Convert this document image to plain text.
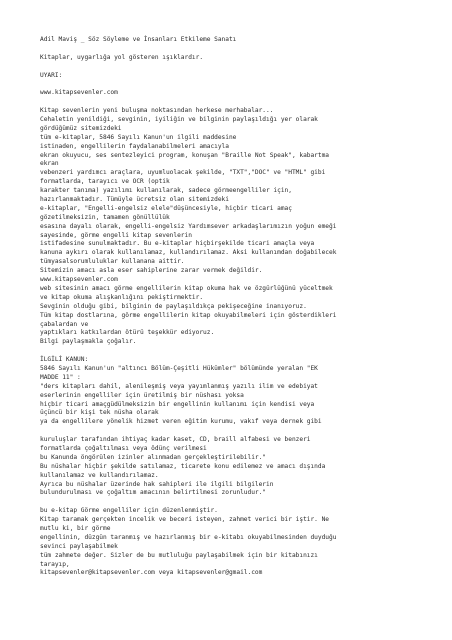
Adil Maviş _ Söz Söyleme ve İnsanları Etkileme Sanatı

Kitaplar, uygarlığa yol gösteren ışıklardır.

UYARI:

www.kitapsevenler.com

Kitap sevenlerin yeni buluşma noktasından herkese merhabalar...
Cehaletin yenildiği, sevginin, iyiliğin ve bilginin paylaşıldığı yer olarak
gördüğümüz sitemizdeki
tüm e-kitaplar, 5846 Sayılı Kanun'un ilgili maddesine
istinaden, engellilerin faydalanabilmeleri amacıyla
ekran okuyucu, ses sentezleyici program, konuşan "Braille Not Speak", kabartma
ekran
vebenzeri yardımcı araçlara, uyumluolacak şekilde, "TXT","DOC" ve "HTML" gibi
formatlarda, tarayıcı ve OCR (optik
karakter tanıma) yazılımı kullanılarak, sadece görmeengelliler için,
hazırlanmaktadır. Tümüyle ücretsiz olan sitemizdeki
e-kitaplar, "Engelli-engelsiz elele"düşüncesiyle, hiçbir ticari amaç
gözetilmeksizin, tamamen gönüllülük
esasına dayalı olarak, engelli-engelsiz Yardımsever arkadaşlarımızın yoğun emeği
sayesinde, görme engelli kitap sevenlerin
istifadesine sunulmaktadır. Bu e-kitaplar hiçbirşekilde ticari amaçla veya
kanuna aykırı olarak kullanılamaz, kullandırılamaz. Aksi kullanımdan doğabilecek
tümyasalsorumluluklar kullanana aittir.
Sitemizin amacı asla eser sahiplerine zarar vermek değildir.
www.kitapsevenler.com
web sitesinin amacı görme engellilerin kitap okuma hak ve özgürlüğünü yüceltmek
ve kitap okuma alışkanlığını pekiştirmektir.
Sevginin olduğu gibi, bilginin de paylaşıldıkça pekişeceğine inanıyoruz.
Tüm kitap dostlarına, görme engellilerin kitap okuyabilmeleri için gösterdikleri
çabalardan ve
yaptıkları katkılardan ötürü teşekkür ediyoruz.
Bilgi paylaşmakla çoğalır.

İLGİLİ KANUN:
5846 Sayılı Kanun'un "altıncı Bölüm-Çeşitli Hükümler" bölümünde yeralan "EK
MADDE 11" :
"ders kitapları dahil, alenileşmiş veya yayımlanmış yazılı ilim ve edebiyat
eserlerinin engelliler için üretilmiş bir nüshası yoksa
hiçbir ticari amaçgüdülmeksizin bir engellinin kullanımı için kendisi veya
üçüncü bir kişi tek nüsha olarak
ya da engellilere yönelik hizmet veren eğitim kurumu, vakıf veya dernek gibi

kuruluşlar tarafından ihtiyaç kadar kaset, CD, braill alfabesi ve benzeri
formatlarda çoğaltılması veya ödünç verilmesi
bu Kanunda öngörülen izinler alınmadan gerçekleştirilebilir."
Bu nüshalar hiçbir şekilde satılamaz, ticarete konu edilemez ve amacı dışında
kullanılamaz ve kullandırılamaz.
Ayrıca bu nüshalar üzerinde hak sahipleri ile ilgili bilgilerin
bulundurulması ve çoğaltım amacının belirtilmesi zorunludur."

bu e-kitap Görme engelliler için düzenlenmiştir.
Kitap taramak gerçekten incelik ve beceri isteyen, zahmet verici bir iştir. Ne
mutlu ki, bir görme
engellinin, düzgün taranmış ve hazırlanmış bir e-kitabı okuyabilmesinden duyduğu
sevinci paylaşabilmek
tüm zahmete değer. Sizler de bu mutluluğu paylaşabilmek için bir kitabınızı
tarayıp,
kitapsevenler@kitapsevenler.com veya kitapsevenler@gmail.com
